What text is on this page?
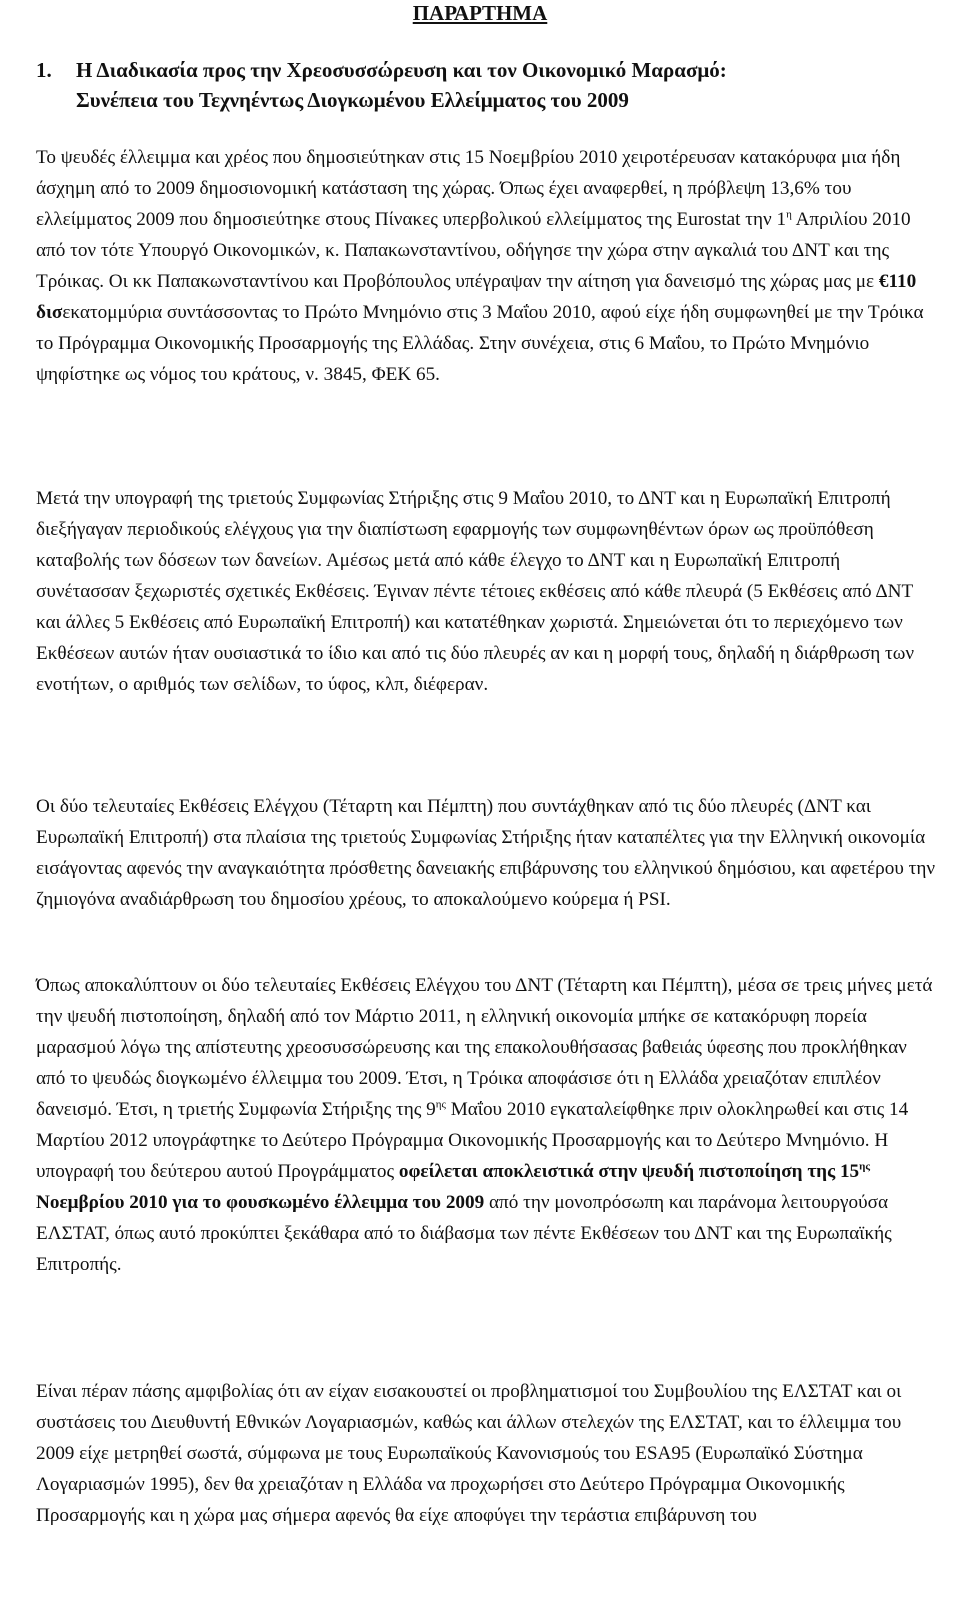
ΠΑΡΑΡΤΗΜΑ
1. Η Διαδικασία προς την Χρεοσυσσώρευση και τον Οικονομικό Μαρασμό:
Συνέπεια του Τεχνηέντως Διογκωμένου Ελλείμματος του 2009
Το ψευδές έλλειμμα και χρέος που δημοσιεύτηκαν στις 15 Νοεμβρίου 2010 χειροτέρευσαν κατακόρυφα μια ήδη άσχημη από το 2009 δημοσιονομική κατάσταση της χώρας. Όπως έχει αναφερθεί, η πρόβλεψη 13,6% του ελλείμματος 2009 που δημοσιεύτηκε στους Πίνακες υπερβολικού ελλείμματος της Eurostat την $1^\eta$ Απριλίου 2010 από τον τότε Υπουργό Οικονομικών, κ. Παπακωνσταντίνου, οδήγησε την χώρα στην αγκαλιά του ΔΝΤ και της Τρόικας. Οι κκ Παπακωνσταντίνου και Προβόπουλος υπέγραψαν την αίτηση για δανεισμό της χώρας μας με €110 δισεκατομμύρια συντάσσοντας το Πρώτο Μνημόνιο στις 3 Μαΐου 2010, αφού είχε ήδη συμφωνηθεί με την Τρόικα το Πρόγραμμα Οικονομικής Προσαρμογής της Ελλάδας. Στην συνέχεια, στις 6 Μαΐου, το Πρώτο Μνημόνιο ψηφίστηκε ως νόμος του κράτους, ν. 3845, ΦΕΚ 65.
Μετά την υπογραφή της τριετούς Συμφωνίας Στήριξης στις 9 Μαΐου 2010, το ΔΝΤ και η Ευρωπαϊκή Επιτροπή διεξήγαγαν περιοδικούς ελέγχους για την διαπίστωση εφαρμογής των συμφωνηθέντων όρων ως προϋπόθεση καταβολής των δόσεων των δανείων. Αμέσως μετά από κάθε έλεγχο το ΔΝΤ και η Ευρωπαϊκή Επιτροπή συνέτασσαν ξεχωριστές σχετικές Εκθέσεις. Έγιναν πέντε τέτοιες εκθέσεις από κάθε πλευρά (5 Εκθέσεις από ΔΝΤ και άλλες 5 Εκθέσεις από Ευρωπαϊκή Επιτροπή) και κατατέθηκαν χωριστά. Σημειώνεται ότι το περιεχόμενο των Εκθέσεων αυτών ήταν ουσιαστικά το ίδιο και από τις δύο πλευρές αν και η μορφή τους, δηλαδή η διάρθρωση των ενοτήτων, ο αριθμός των σελίδων, το ύφος, κλπ, διέφεραν.
Οι δύο τελευταίες Εκθέσεις Ελέγχου (Τέταρτη και Πέμπτη) που συντάχθηκαν από τις δύο πλευρές (ΔΝΤ και Ευρωπαϊκή Επιτροπή) στα πλαίσια της τριετούς Συμφωνίας Στήριξης ήταν καταπέλτες για την Ελληνική οικονομία εισάγοντας αφενός την αναγκαιότητα πρόσθετης δανειακής επιβάρυνσης του ελληνικού δημόσιου, και αφετέρου την ζημιογόνα αναδιάρθρωση του δημοσίου χρέους, το αποκαλούμενο κούρεμα ή PSI.
Όπως αποκαλύπτουν οι δύο τελευταίες Εκθέσεις Ελέγχου του ΔΝΤ (Τέταρτη και Πέμπτη), μέσα σε τρεις μήνες μετά την ψευδή πιστοποίηση, δηλαδή από τον Μάρτιο 2011, η ελληνική οικονομία μπήκε σε κατακόρυφη πορεία μαρασμού λόγω της απίστευτης χρεοσυσσώρευσης και της επακολουθήσασας βαθειάς ύφεσης που προκλήθηκαν από το ψευδώς διογκωμένο έλλειμμα του 2009. Έτσι, η Τρόικα αποφάσισε ότι η Ελλάδα χρειαζόταν επιπλέον δανεισμό. Έτσι, η τριετής Συμφωνία Στήριξης της $9^{\eta\varsigma}$ Μαΐου 2010 εγκαταλείφθηκε πριν ολοκληρωθεί και στις 14 Μαρτίου 2012 υπογράφτηκε το Δεύτερο Πρόγραμμα Οικονομικής Προσαρμογής και το Δεύτερο Μνημόνιο. Η υπογραφή του δεύτερου αυτού Προγράμματος οφείλεται αποκλειστικά στην ψευδή πιστοποίηση της $15^{\eta\varsigma}$ Νοεμβρίου 2010 για το φουσκωμένο έλλειμμα του 2009 από την μονοπρόσωπη και παράνομα λειτουργούσα ΕΛΣΤΑΤ, όπως αυτό προκύπτει ξεκάθαρα από το διάβασμα των πέντε Εκθέσεων του ΔΝΤ και της Ευρωπαϊκής Επιτροπής.
Είναι πέραν πάσης αμφιβολίας ότι αν είχαν εισακουστεί οι προβληματισμοί του Συμβουλίου της ΕΛΣΤΑΤ και οι συστάσεις του Διευθυντή Εθνικών Λογαριασμών, καθώς και άλλων στελεχών της ΕΛΣΤΑΤ, και το έλλειμμα του 2009 είχε μετρηθεί σωστά, σύμφωνα με τους Ευρωπαϊκούς Κανονισμούς του ESA95 (Ευρωπαϊκό Σύστημα Λογαριασμών 1995), δεν θα χρειαζόταν η Ελλάδα να προχωρήσει στο Δεύτερο Πρόγραμμα Οικονομικής Προσαρμογής και η χώρα μας σήμερα αφενός θα είχε αποφύγει την τεράστια επιβάρυνση του
